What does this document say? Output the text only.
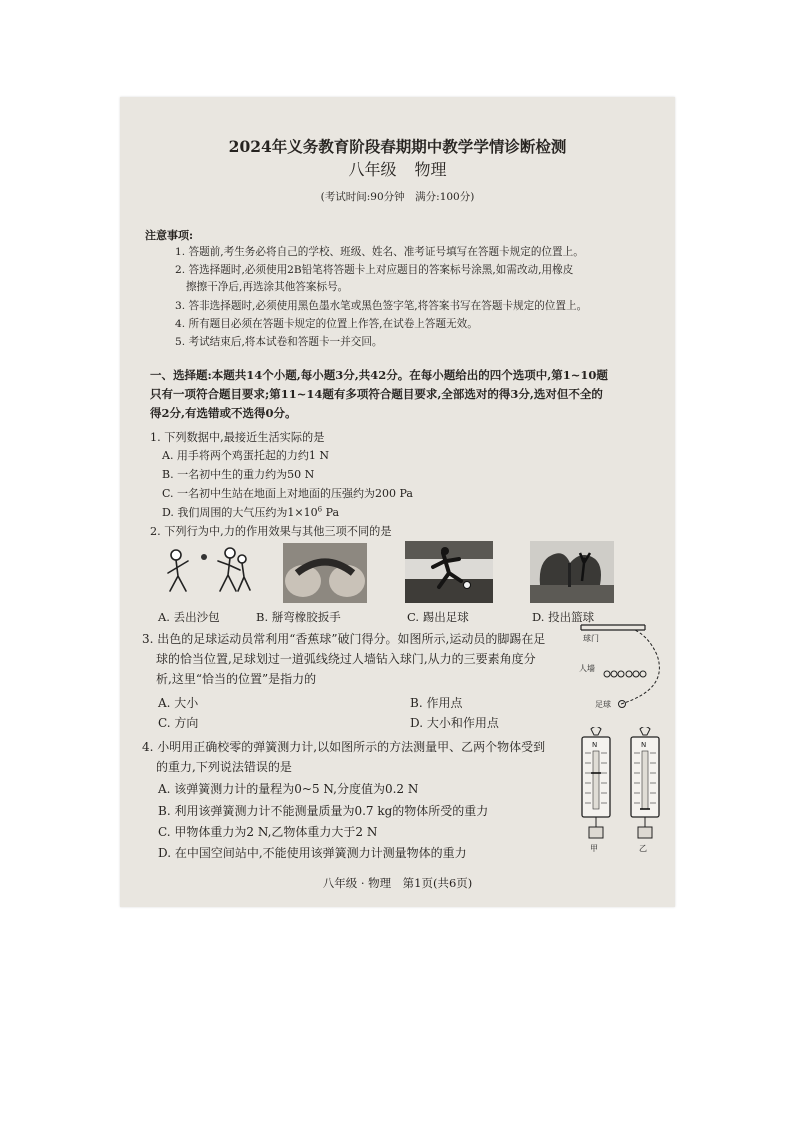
2024年义务教育阶段春期期中教学学情诊断检测
八年级 物理
(考试时间:90分钟　满分:100分)
注意事项:
1. 答题前,考生务必将自己的学校、班级、姓名、准考证号填写在答题卡规定的位置上。
2. 答选择题时,必须使用2B铅笔将答题卡上对应题目的答案标号涂黑,如需改动,用橡皮
擦擦干净后,再选涂其他答案标号。
3. 答非选择题时,必须使用黑色墨水笔或黑色签字笔,将答案书写在答题卡规定的位置上。
4. 所有题目必须在答题卡规定的位置上作答,在试卷上答题无效。
5. 考试结束后,将本试卷和答题卡一并交回。
一、选择题:本题共14个小题,每小题3分,共42分。在每小题给出的四个选项中,第1~10题
只有一项符合题目要求;第11~14题有多项符合题目要求,全部选对的得3分,选对但不全的
得2分,有选错或不选得0分。
1. 下列数据中,最接近生活实际的是
A. 用手将两个鸡蛋托起的力约1 N
B. 一名初中生的重力约为50 N
C. 一名初中生站在地面上对地面的压强约为200 Pa
D. 我们周围的大气压约为$1\times 10^6$ Pa
2. 下列行为中,力的作用效果与其他三项不同的是
A. 丢出沙包	B. 掰弯橡胶扳手	C. 踢出足球	D. 投出篮球
3. 出色的足球运动员常利用“香蕉球”破门得分。如图所示,运动员的脚踢在足
球的恰当位置,足球划过一道弧线绕过人墙钻入球门,从力的三要素角度分
析,这里“恰当的位置”是指力的
A. 大小	B. 作用点
C. 方向	D. 大小和作用点
球门
人墙
足球
4. 小明用正确校零的弹簧测力计,以如图所示的方法测量甲、乙两个物体受到
的重力,下列说法错误的是
A. 该弹簧测力计的量程为0~5 N,分度值为0.2 N
B. 利用该弹簧测力计不能测量质量为0.7 kg的物体所受的重力
C. 甲物体重力为2 N,乙物体重力大于2 N
D. 在中国空间站中,不能使用该弹簧测力计测量物体的重力
N
甲
N
乙
八年级 · 物理　第1页(共6页)
